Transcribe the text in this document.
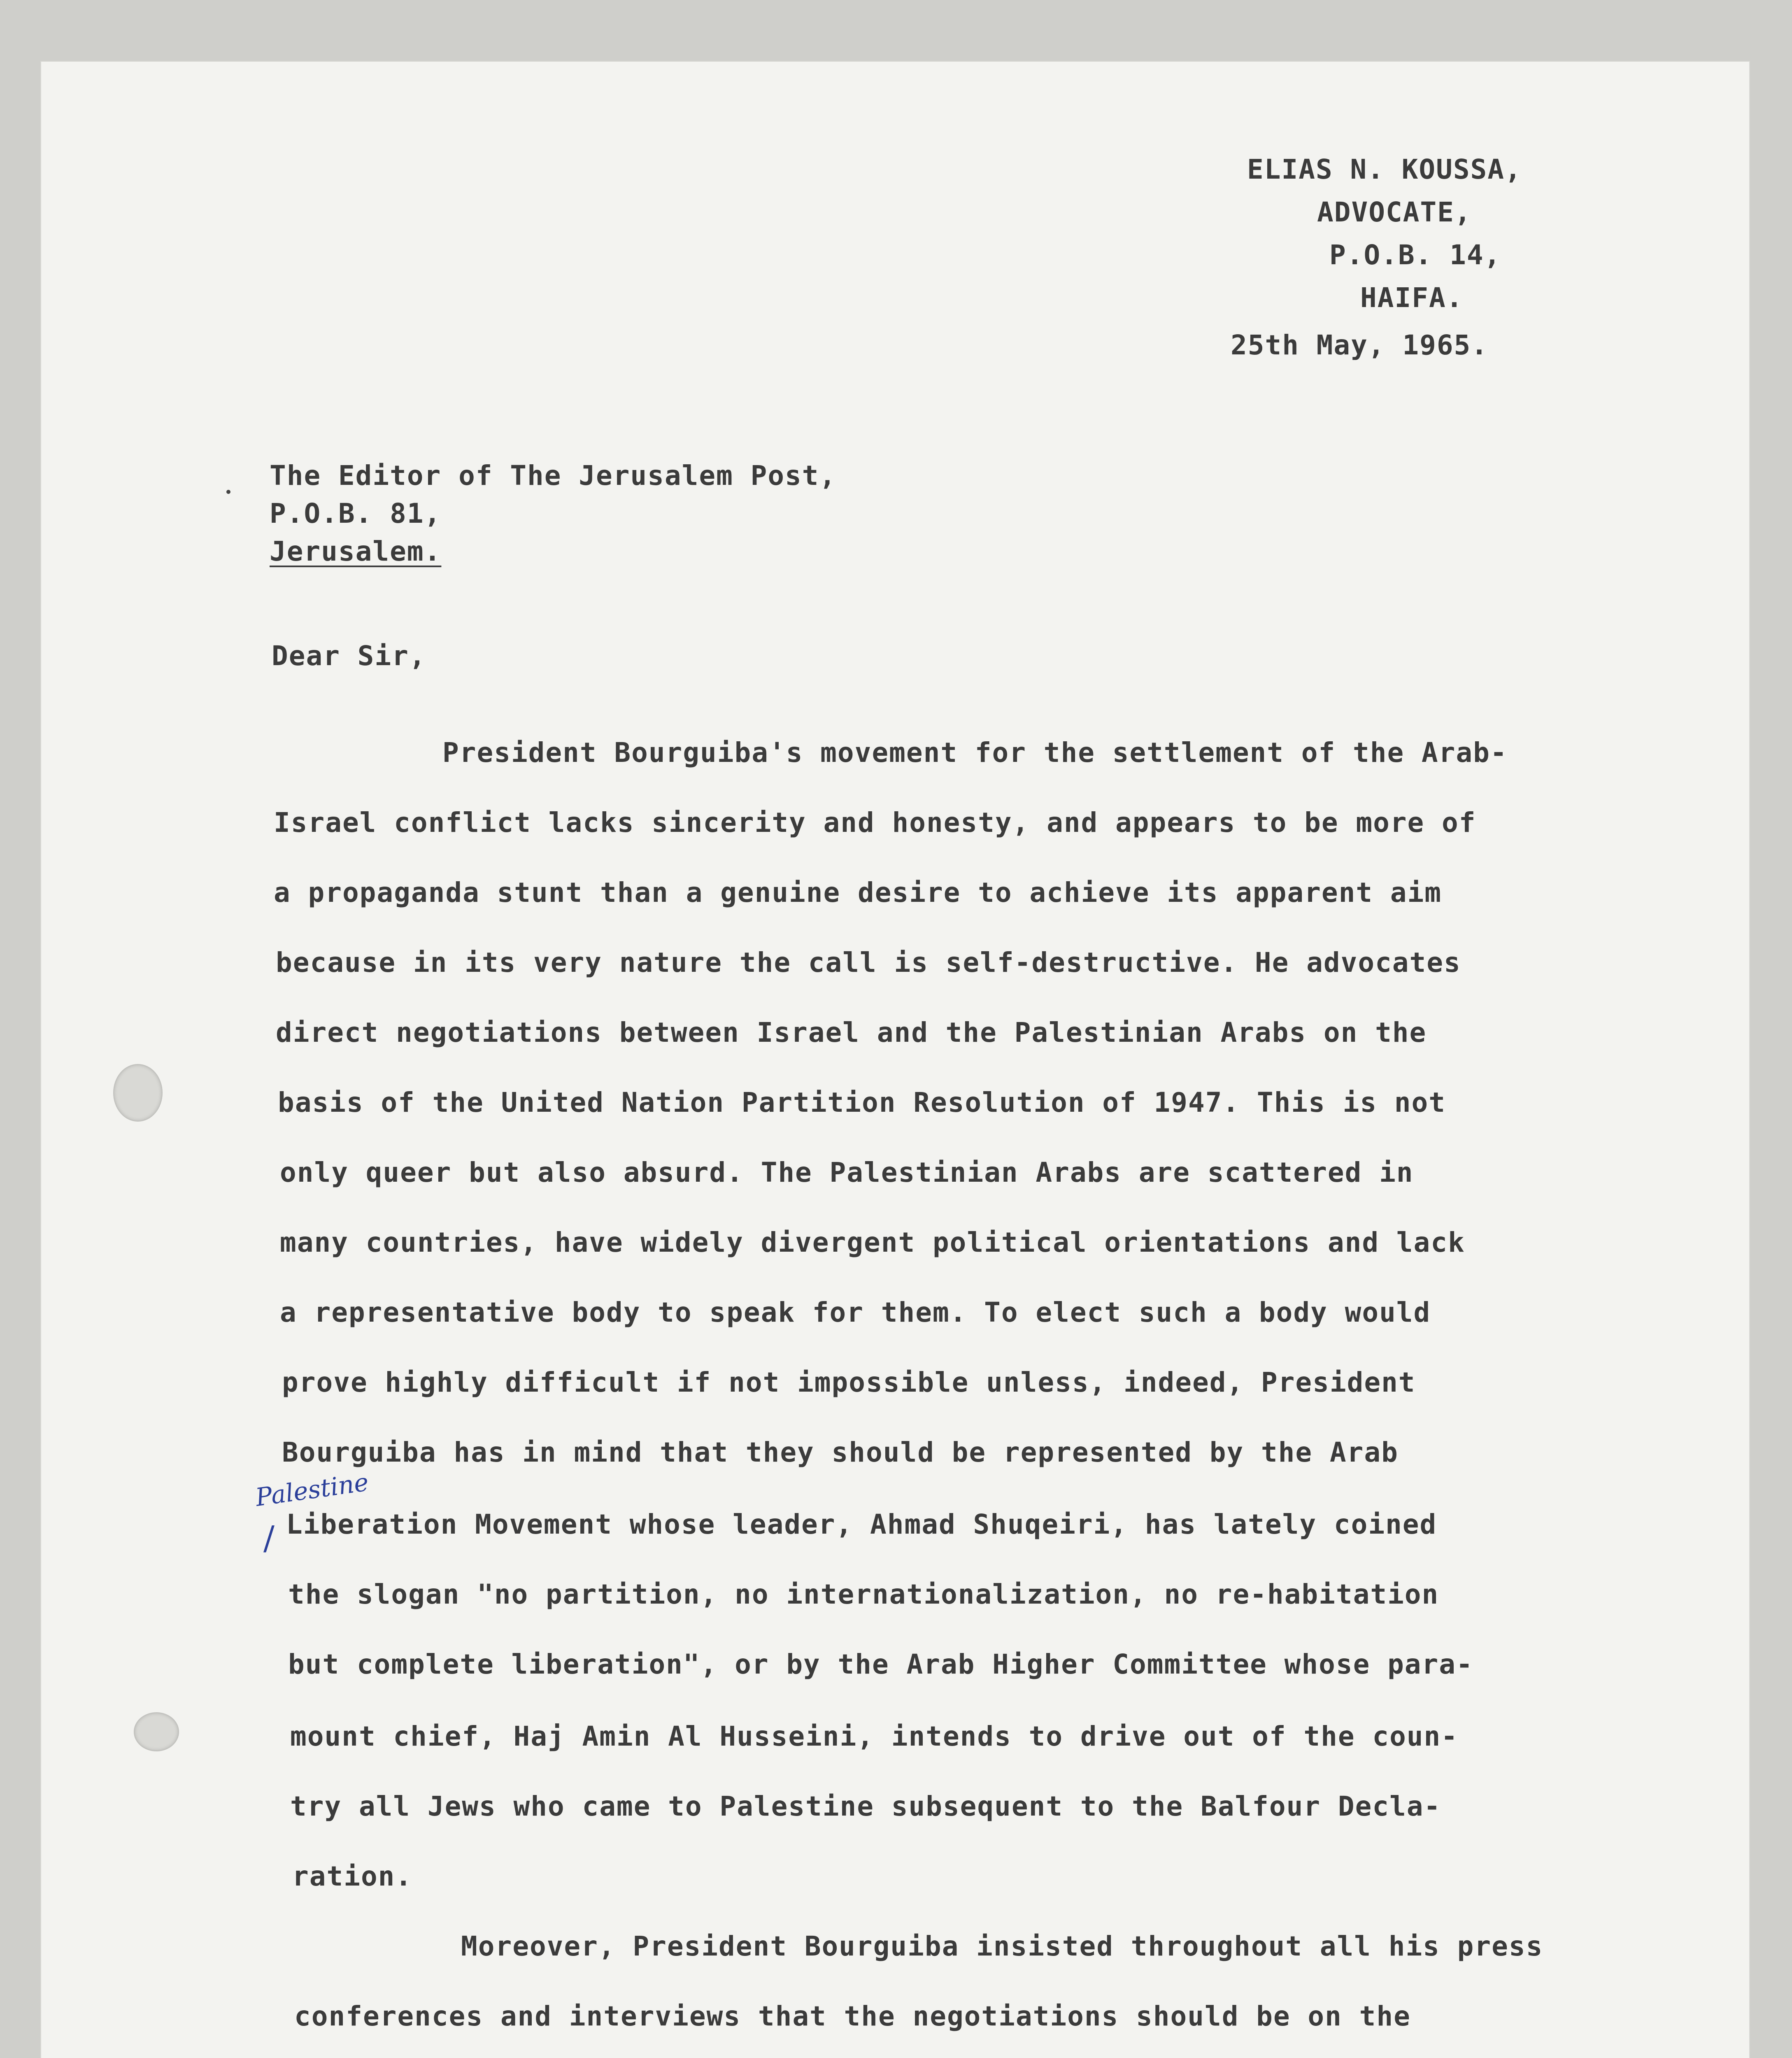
ELIAS N. KOUSSA,
ADVOCATE,
P.O.B. 14,
HAIFA.
25th May, 1965.
The Editor of The Jerusalem Post,
P.O.B. 81,
Jerusalem.
Dear Sir,
President Bourguiba's movement for the settlement of the Arab-
Israel conflict lacks sincerity and honesty, and appears to be more of
a propaganda stunt than a genuine desire to achieve its apparent aim
because in its very nature the call is self-destructive. He advocates
direct negotiations between Israel and the Palestinian Arabs on the
basis of the United Nation Partition Resolution of 1947. This is not
only queer but also absurd. The Palestinian Arabs are scattered in
many countries, have widely divergent political orientations and lack
a representative body to speak for them. To elect such a body would
prove highly difficult if not impossible unless, indeed, President
Bourguiba has in mind that they should be represented by the Arab
Liberation Movement whose leader, Ahmad Shuqeiri, has lately coined
the slogan "no partition, no internationalization, no re-habitation
but complete liberation", or by the Arab Higher Committee whose para-
mount chief, Haj Amin Al Husseini, intends to drive out of the coun-
try all Jews who came to Palestine subsequent to the Balfour Decla-
ration.
Moreover, President Bourguiba insisted throughout all his press
conferences and interviews that the negotiations should be on the
Palestine
/
